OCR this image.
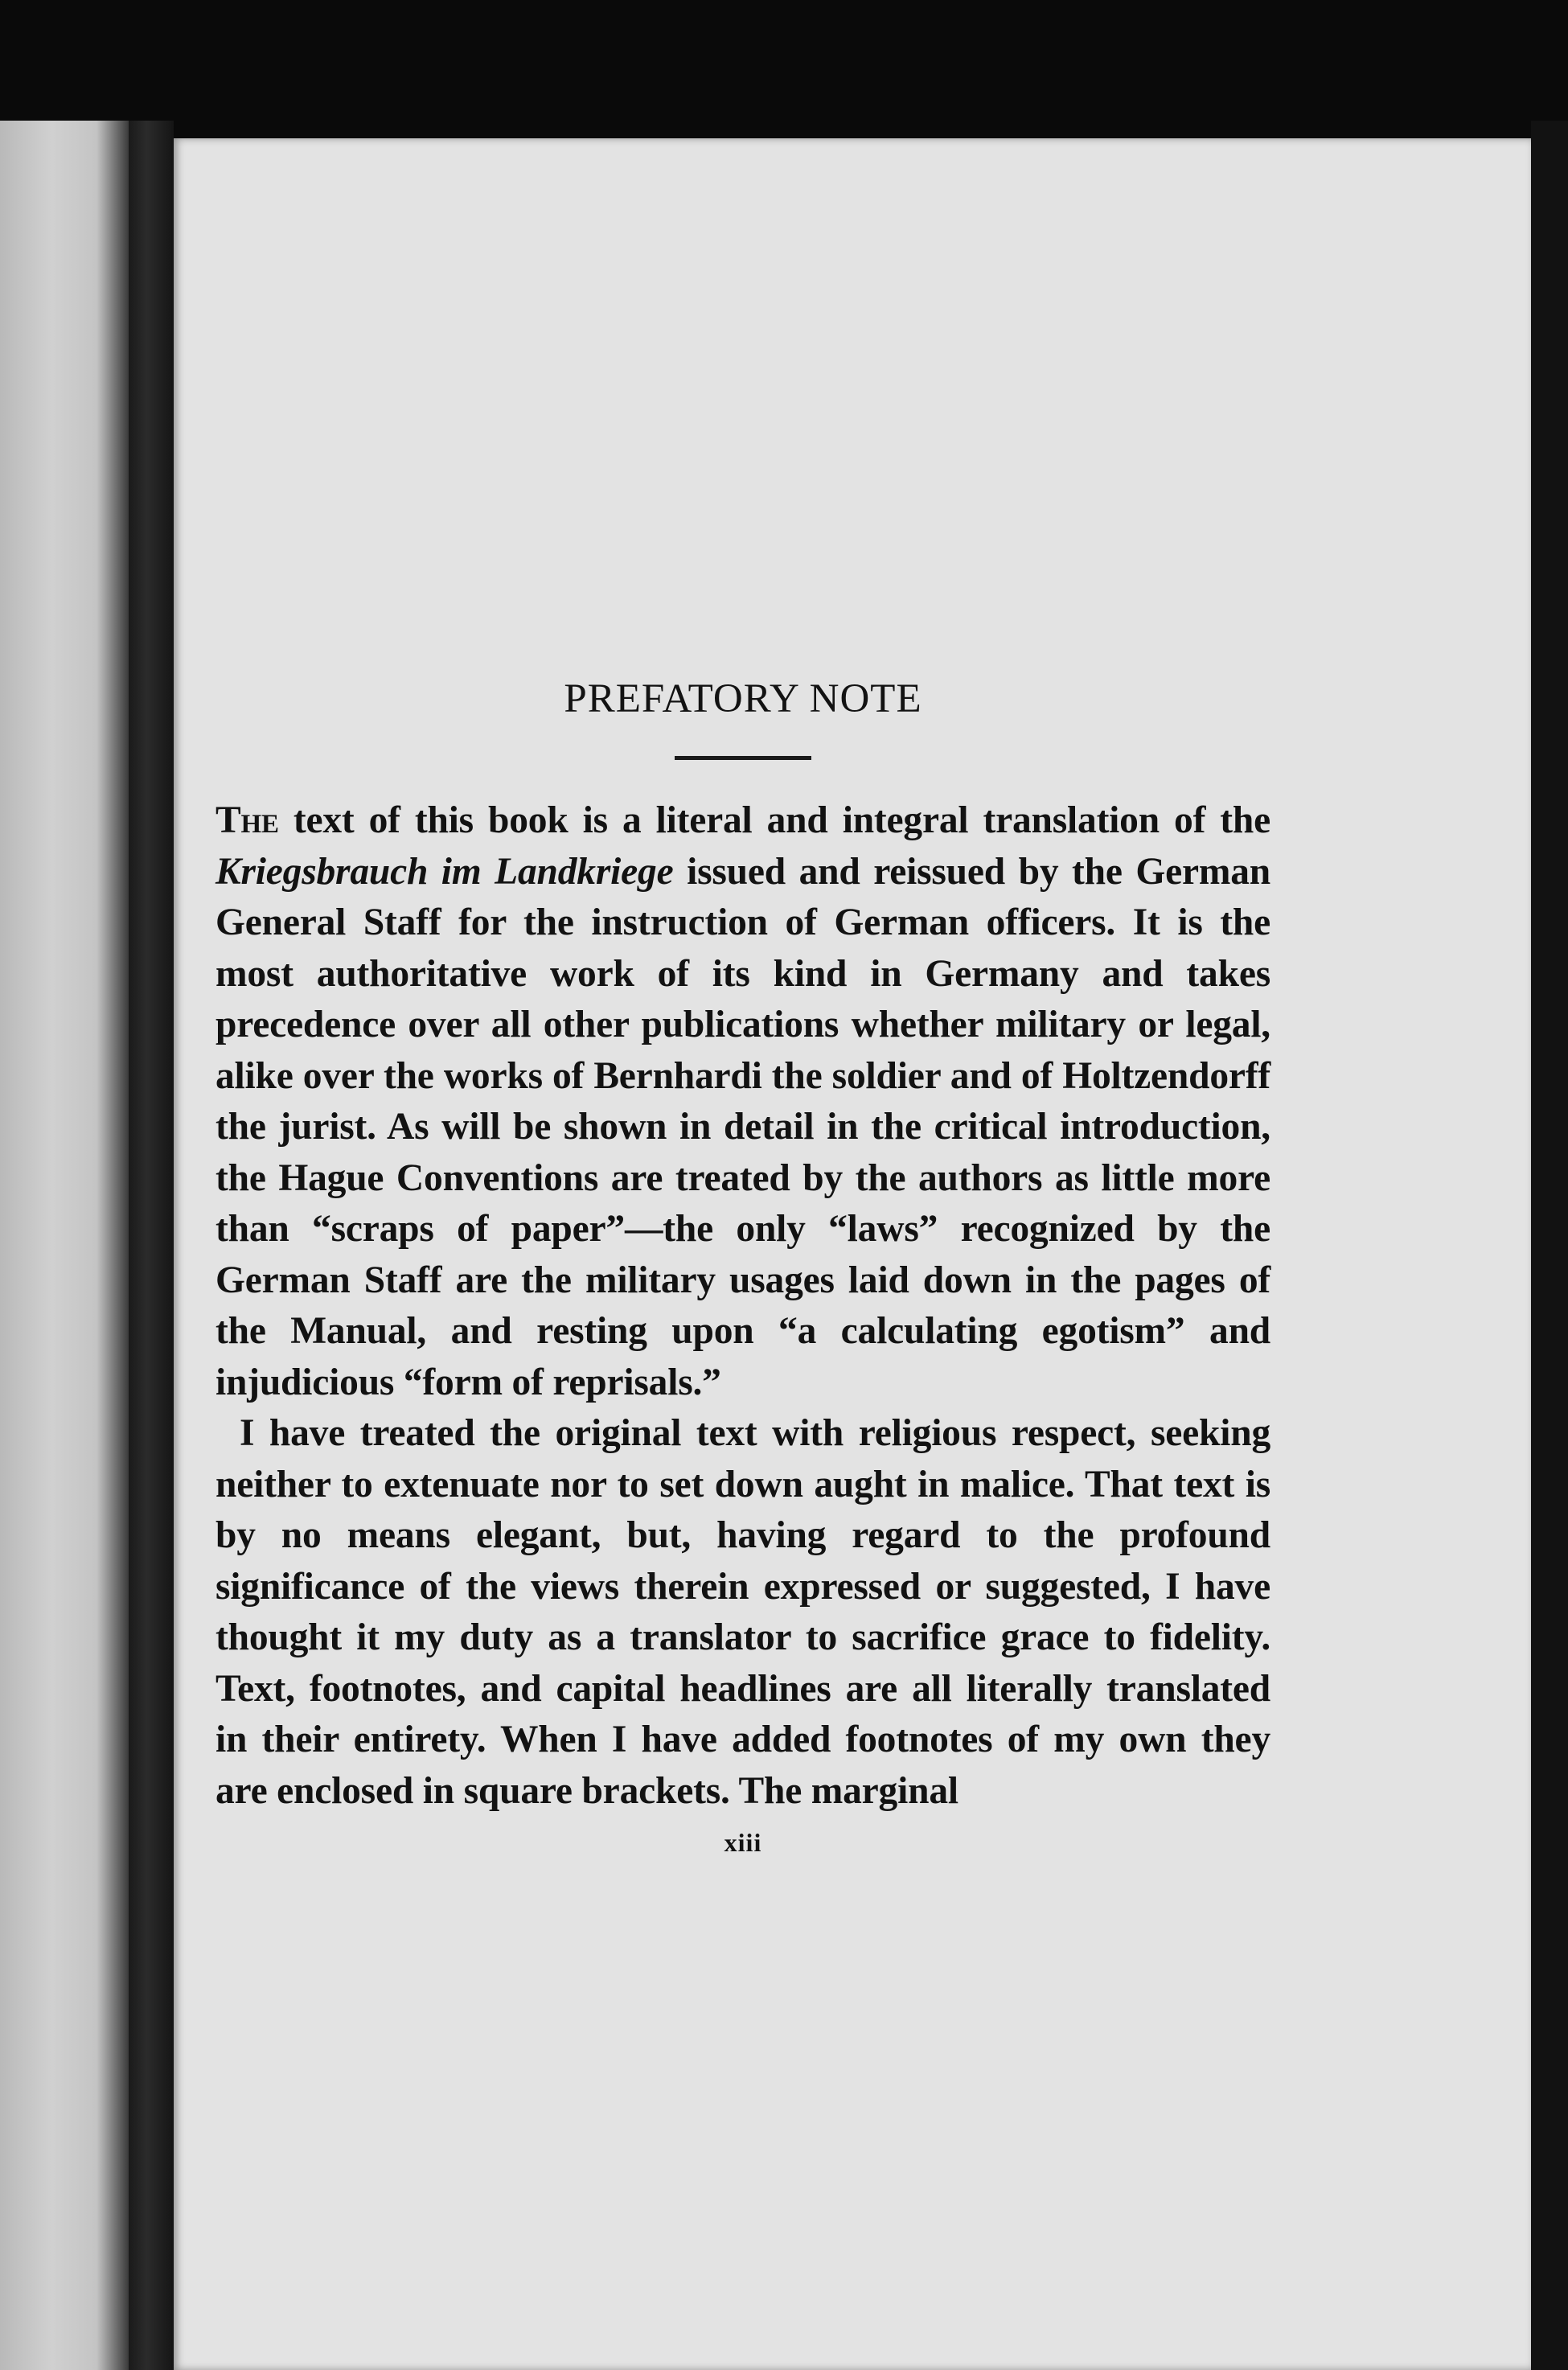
PREFATORY NOTE

The text of this book is a literal and integral translation of the Kriegsbrauch im Landkriege issued and reissued by the German General Staff for the instruction of German officers. It is the most authoritative work of its kind in Germany and takes precedence over all other publications whether military or legal, alike over the works of Bernhardi the soldier and of Holtzendorff the jurist. As will be shown in detail in the critical introduction, the Hague Conventions are treated by the authors as little more than “scraps of paper”—the only “laws” recognized by the German Staff are the military usages laid down in the pages of the Manual, and resting upon “a calculating egotism” and injudicious “form of reprisals.”

I have treated the original text with religious respect, seeking neither to extenuate nor to set down aught in malice. That text is by no means elegant, but, having regard to the profound significance of the views therein expressed or suggested, I have thought it my duty as a translator to sacrifice grace to fidelity. Text, footnotes, and capital headlines are all literally translated in their entirety. When I have added footnotes of my own they are enclosed in square brackets. The marginal

xiii
